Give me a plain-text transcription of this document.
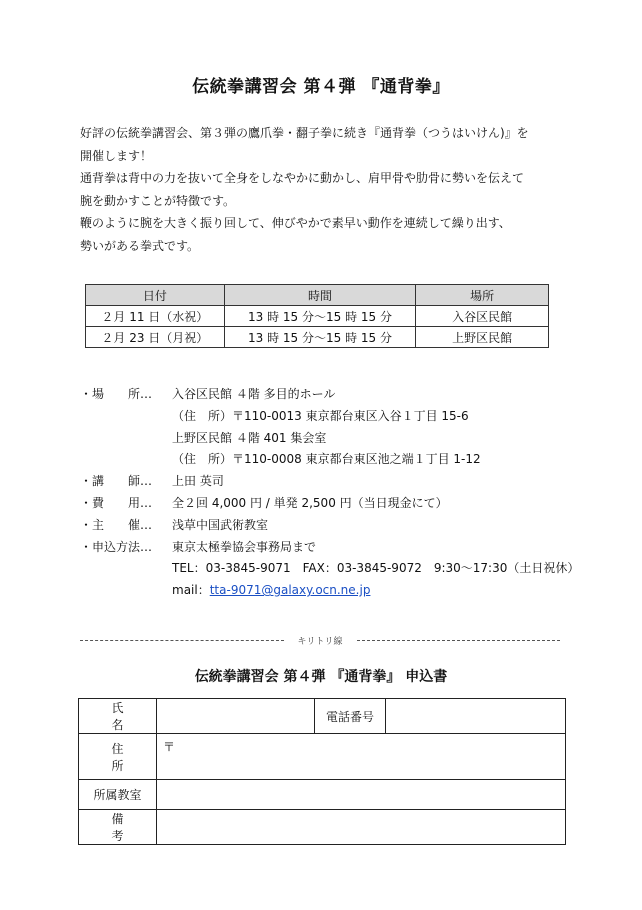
伝統拳講習会 第４弾 『通背拳』
好評の伝統拳講習会、第３弾の鷹爪拳・翻子拳に続き『通背拳（つうはいけん)』を
開催します！
通背拳は背中の力を抜いて全身をしなやかに動かし、肩甲骨や肋骨に勢いを伝えて
腕を動かすことが特徴です。
鞭のように腕を大きく振り回して、伸びやかで素早い動作を連続して繰り出す、
勢いがある拳式です。
日付	時間	場所
２月 11 日（水祝）	13 時 15 分～15 時 15 分	入谷区民館
２月 23 日（月祝）	13 時 15 分～15 時 15 分	上野区民館
・場　　所…	入谷区民館 ４階 多目的ホール
（住　所）〒110-0013 東京都台東区入谷１丁目 15-6
上野区民館 ４階 401 集会室
（住　所）〒110-0008 東京都台東区池之端１丁目 1-12
・講　　師…	上田 英司
・費　　用…	全２回 4,000 円 / 単発 2,500 円（当日現金にて）
・主　　催…	浅草中国武術教室
・申込方法…	東京太極拳協会事務局まで
TEL：03-3845-9071　FAX：03-3845-9072　9:30～17:30（土日祝休）
mail： tta-9071@galaxy.ocn.ne.jp
キリトリ線
伝統拳講習会 第４弾 『通背拳』 申込書
氏名		電話番号	
住所	〒		
所属教室			
備考			
